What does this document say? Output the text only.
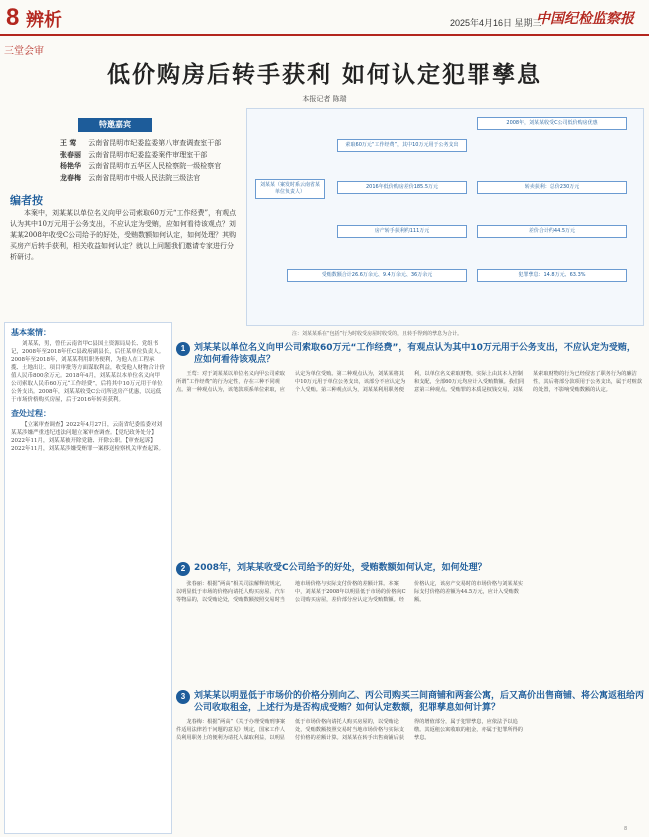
8 辨析	2025年4月16日 星期三
中国纪检监察报
三堂会审
低价购房后转手获利 如何认定犯罪孳息
本报记者 陈瑞
特邀嘉宾
王 莺 云南省昆明市纪委监委第八审查调查室干部
张春丽 云南省昆明市纪委监委案件审理室干部
杨艳华 云南省昆明市五华区人民检察院一级检察官
龙春梅 云南省昆明市中级人民法院三级法官
编者按
本案中，刘某某以单位名义向甲公司索取60万元“工作经费”，有观点认为其中10万元用于公务支出，不应认定为受贿，应如何看待该观点？刘某某2008年收受C公司给予的好处，受贿数额如何认定，如何处理？其购买房产后转手获利，相关收益如何认定？就以上问题我们邀请专家进行分析研讨。
刘某某（案发时系云南省某单位负责人）
2008年，刘某某收受C公司低价购房优惠
索取60万元“工作经费”，其中10万元用于公务支出
2016年低价购房差价185.5万元	转卖获利：总价230万元
房产转手获利约111万元	差价合计约44.5万元
受贿数额合计26.6万余元、9.4万余元、36万余元	犯罪孳息：14.8万元、63.3%
注：刘某某系在“包括”行为时收受房屋时收受的，且转手得到的孳息为合计。
基本案情：
刘某某，男，曾任云南省甲C县国土资源局局长、党组书记，2008年至2018年任C县政府副县长，后任某单位负责人。2008年至2018年，刘某某利用职务便利，为他人在工程承揽、土地出让、项目审批等方面谋取利益，收受他人财物合计价值人民币800余万元。2018年4月，刘某某以本单位名义向甲公司索取人民币60万元“工作经费”，后将其中10万元用于单位公务支出。2008年，刘某某收受C公司所送房产优惠，以远低于市场价格购买房屋，后于2016年转卖获利。
查处过程：
【立案审查调查】2022年4月27日，云南省纪委监委对刘某某涉嫌严重违纪违法问题立案审查调查。【党纪政务处分】2022年11月，刘某某被开除党籍、开除公职。【审查起诉】2022年11月，刘某某涉嫌受贿罪一案移送检察机关审查起诉。
1 刘某某以单位名义向甲公司索取60万元“工作经费”，有观点认为其中10万元用于公务支出，不应认定为受贿，应如何看待该观点？
王莺：对于刘某某以单位名义向甲公司索取所谓“工作经费”的行为定性，存在三种不同观点。第一种观点认为，该笔款项系单位索取，应认定为单位受贿。第二种观点认为，刘某某将其中10万元用于单位公务支出，该部分不应认定为个人受贿。第三种观点认为，刘某某利用职务便利，以单位名义索取财物，实际上由其本人控制和支配，全部60万元均应计入受贿数额。我们同意第三种观点。受贿罪的本质是权钱交易，刘某某索取财物的行为已经侵害了职务行为的廉洁性，其后将部分款项用于公务支出，属于对赃款的处置，不影响受贿数额的认定。
2 2008年，刘某某收受C公司给予的好处，受贿数额如何认定，如何处理？
张春丽：根据“两高”相关司法解释的规定，以明显低于市场的价格向请托人购买房屋、汽车等物品的，以受贿论处，受贿数额按照交易时当地市场价格与实际支付价格的差额计算。本案中，刘某某于2008年以明显低于市场的价格向C公司购买房屋，差价部分应认定为受贿数额。经价格认定，该房产交易时的市场价格与刘某某实际支付价格的差额为44.5万元，应计入受贿数额。
3 刘某某以明显低于市场价的价格分别向乙、丙公司购买三间商铺和两套公寓，后又高价出售商铺、将公寓返租给丙公司收取租金，上述行为是否构成受贿？如何认定数额，犯罪孳息如何计算？
龙春梅：根据“两高”《关于办理受贿刑事案件适用法律若干问题的意见》规定，国家工作人员利用职务上的便利为请托人谋取利益，以明显低于市场价格向请托人购买房屋的，以受贿论处，受贿数额按照交易时当地市场价格与实际支付价格的差额计算。刘某某在转手出售商铺后获得的增值部分，属于犯罪孳息，应依法予以追缴。其返租公寓收取的租金，亦属于犯罪所得的孳息。
8
